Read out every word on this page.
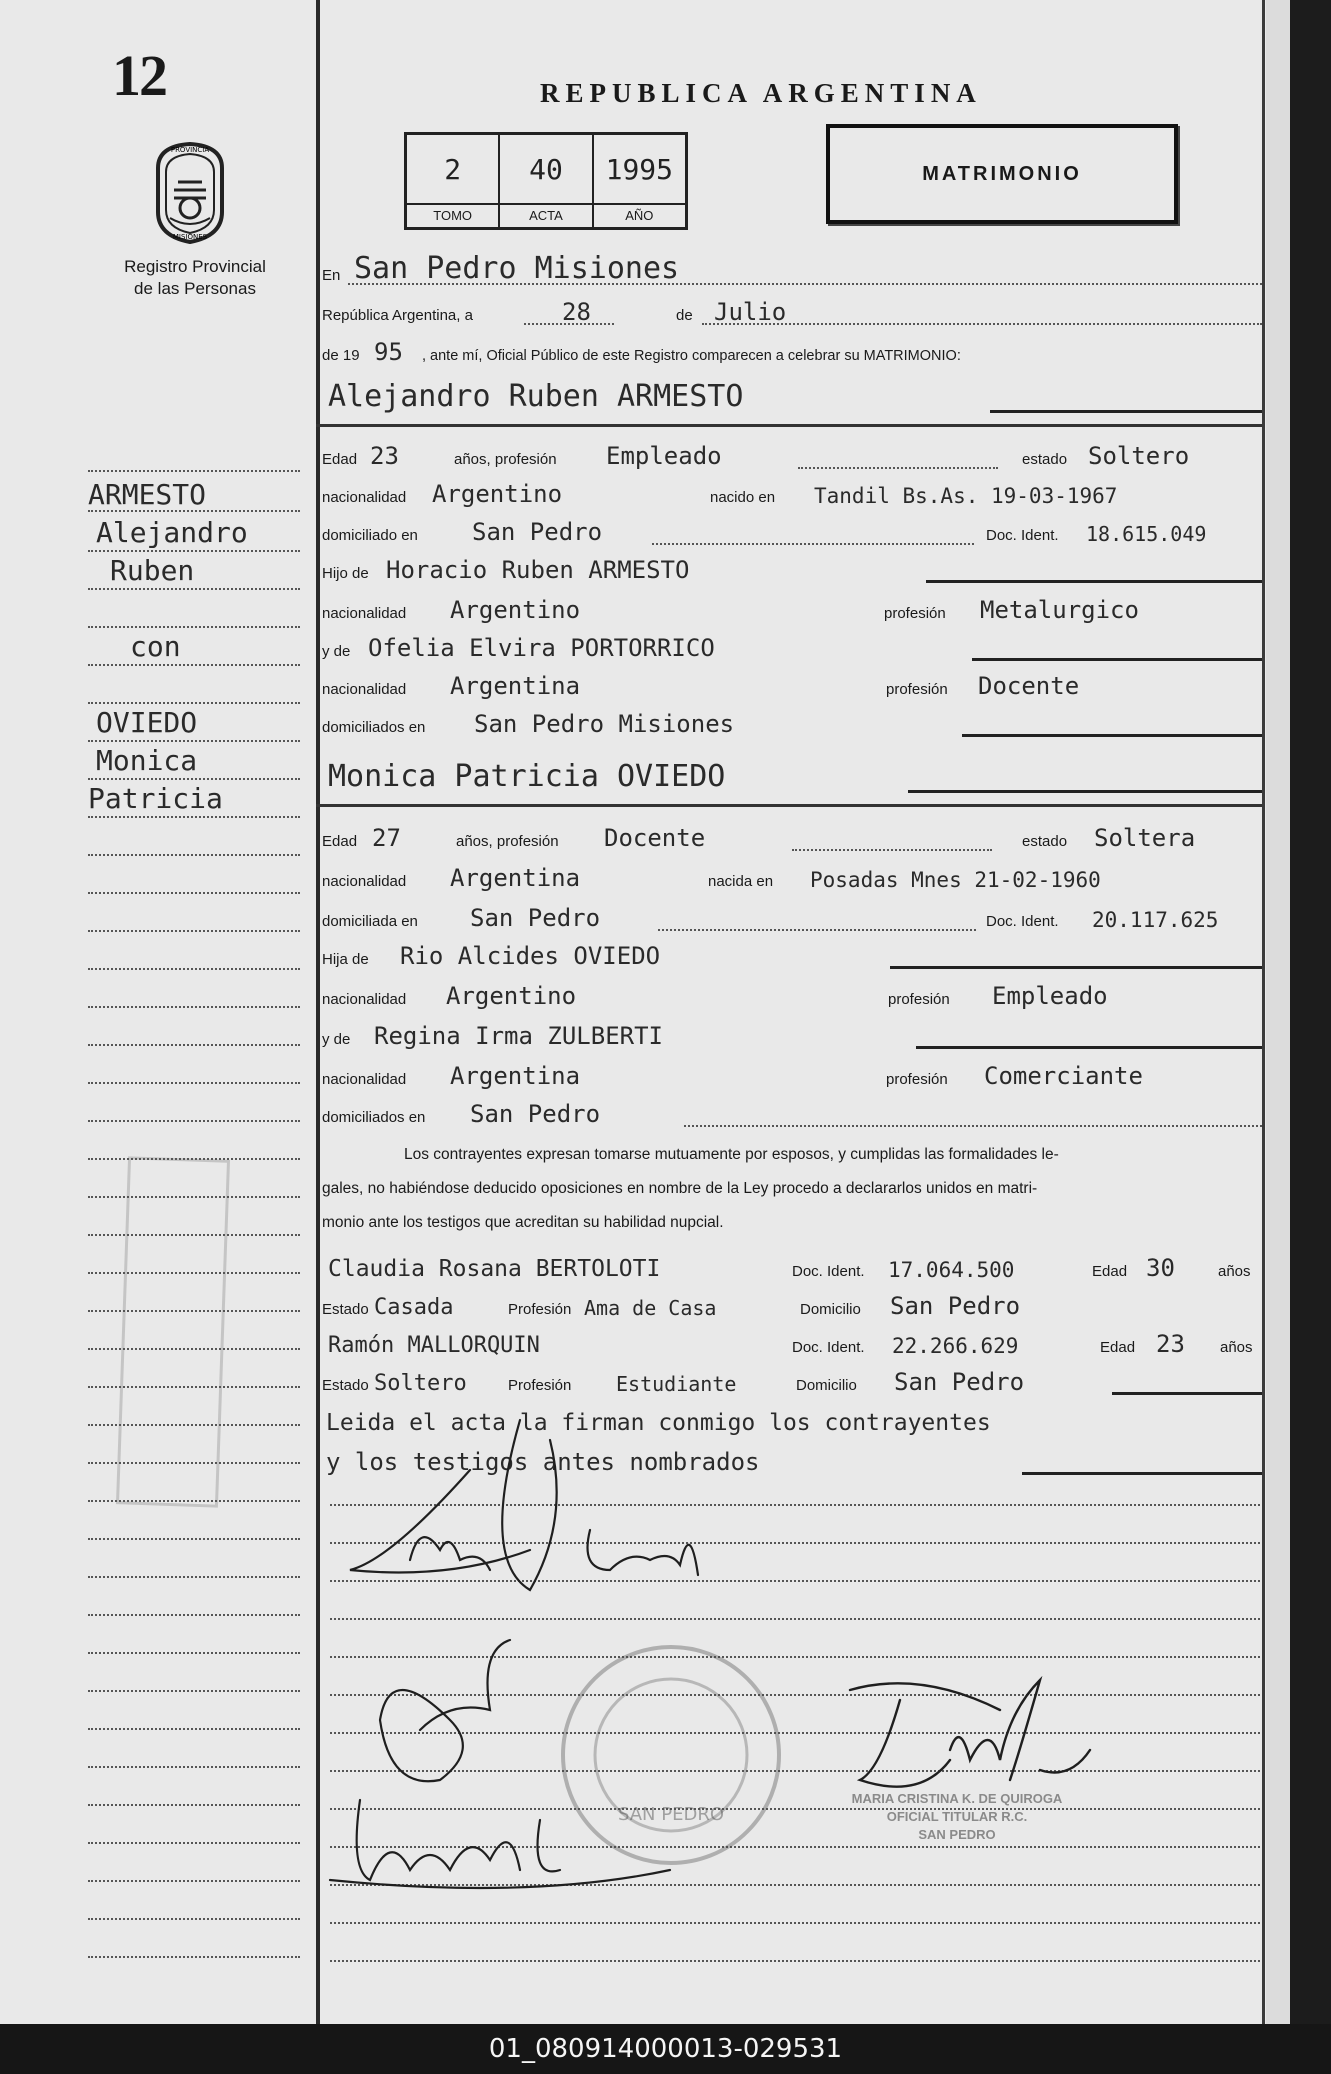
12
PROVINCIA
MISIONES
Registro Provincial
de las Personas
REPUBLICA ARGENTINA
2
TOMO
40
ACTA
1995
AÑO
MATRIMONIO
ARMESTO
Alejandro
Ruben
con
OVIEDO
Monica
Patricia
En San Pedro Misiones
República Argentina, a	28	de Julio
de 19 95 , ante mí, Oficial Público de este Registro comparecen a celebrar su MATRIMONIO:
Alejandro Ruben ARMESTO
Edad 23	años, profesión Empleado	estado Soltero
nacionalidad Argentino	nacido en Tandil Bs.As. 19-03-1967
domiciliado en San Pedro	Doc. Ident. 18.615.049
Hijo de Horacio Ruben ARMESTO
nacionalidad Argentino	profesión Metalurgico
y de Ofelia Elvira PORTORRICO
nacionalidad Argentina	profesión Docente
domiciliados en San Pedro Misiones
Monica Patricia OVIEDO
Edad 27	años, profesión Docente	estado Soltera
nacionalidad Argentina	nacida en Posadas Mnes 21-02-1960
domiciliada en San Pedro	Doc. Ident. 20.117.625
Hija de Rio Alcides OVIEDO
nacionalidad Argentino	profesión Empleado
y de Regina Irma ZULBERTI
nacionalidad Argentina	profesión Comerciante
domiciliados en San Pedro
Los contrayentes expresan tomarse mutuamente por esposos, y cumplidas las formalidades le-
gales, no habiéndose deducido oposiciones en nombre de la Ley procedo a declararlos unidos en matri-
monio ante los testigos que acreditan su habilidad nupcial.
Claudia Rosana BERTOLOTI	Doc. Ident. 17.064.500	Edad 30	años
Estado Casada	Profesión Ama de Casa	Domicilio San Pedro
Ramón MALLORQUIN	Doc. Ident. 22.266.629	Edad 23 años
Estado Soltero	Profesión Estudiante	Domicilio San Pedro
Leida el acta la firman conmigo los contrayentes
y los testigos antes nombrados
SAN PEDRO
MARIA CRISTINA K. DE QUIROGA
OFICIAL TITULAR R.C.
SAN PEDRO
01_080914000013-029531
